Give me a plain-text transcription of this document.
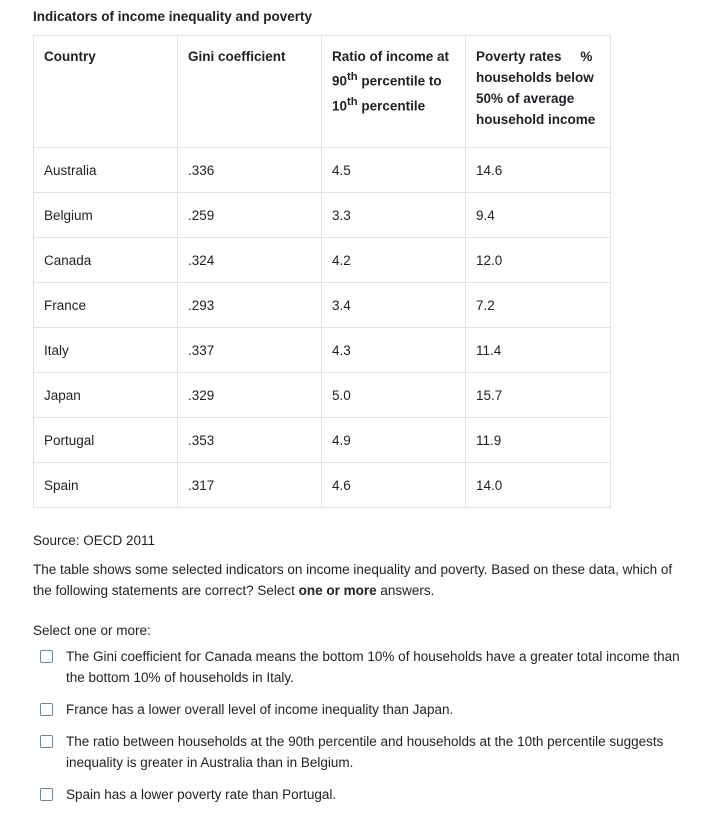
Indicators of income inequality and poverty
Country	Gini coefficient	Ratio of income at 90th percentile to 10th percentile	Poverty rates % households below 50% of average household income
Australia	.336	4.5	14.6
Belgium	.259	3.3	9.4
Canada	.324	4.2	12.0
France	.293	3.4	7.2
Italy	.337	4.3	11.4
Japan	.329	5.0	15.7
Portugal	.353	4.9	11.9
Spain	.317	4.6	14.0
Source: OECD 2011
The table shows some selected indicators on income inequality and poverty. Based on these data, which of the following statements are correct? Select one or more answers.
Select one or more:
The Gini coefficient for Canada means the bottom 10% of households have a greater total income than the bottom 10% of households in Italy.
France has a lower overall level of income inequality than Japan.
The ratio between households at the 90th percentile and households at the 10th percentile suggests inequality is greater in Australia than in Belgium.
Spain has a lower poverty rate than Portugal.
